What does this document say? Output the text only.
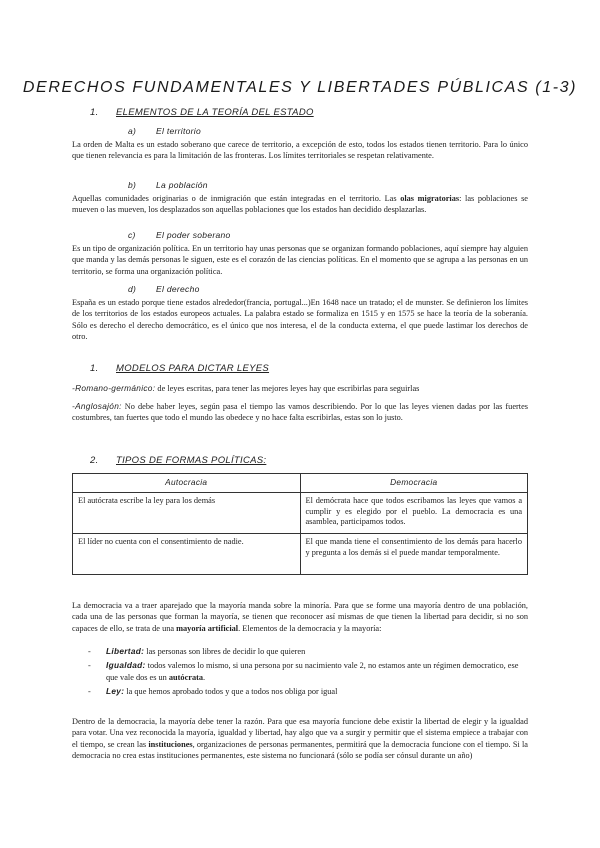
DERECHOS FUNDAMENTALES Y LIBERTADES PÚBLICAS (1-3)
1. ELEMENTOS DE LA TEORÍA DEL ESTADO
a) El territorio

La orden de Malta es un estado soberano que carece de territorio, a excepción de esto, todos los estados tienen territorio. Para lo único que tienen relevancia es para la limitación de las fronteras. Los límites territoriales se respetan relativamente.

b) La población

Aquellas comunidades originarias o de inmigración que están integradas en el territorio. Las olas migratorias: las poblaciones se mueven o las mueven, los desplazados son aquellas poblaciones que los estados han decidido desplazarlas.

c) El poder soberano

Es un tipo de organización política. En un territorio hay unas personas que se organizan formando poblaciones, aquí siempre hay alguien que manda y las demás personas le siguen, este es el corazón de las ciencias políticas. En el momento que se agrupa a las personas en un territorio, se forma una organización política.

d) El derecho

España es un estado porque tiene estados alrededor(francia, portugal...)En 1648 nace un tratado; el de munster. Se definieron los límites de los territorios de los estados europeos actuales. La palabra estado se formaliza en 1515 y en 1575 se hace la teoría de la soberanía. Sólo es derecho el derecho democrático, es el único que nos interesa, el de la conducta externa, el que puede lastimar los derechos de otro.

1. MODELOS PARA DICTAR LEYES

-Romano-germánico: de leyes escritas, para tener las mejores leyes hay que escribirlas para seguirlas

-Anglosajón: No debe haber leyes, según pasa el tiempo las vamos describiendo. Por lo que las leyes vienen dadas por las fuertes costumbres, tan fuertes que todo el mundo las obedece y no hace falta escribirlas, estas son lo justo.

2. TIPOS DE FORMAS POLÍTICAS:
Autocracia	Democracia
El autócrata escribe la ley para los demás	El demócrata hace que todos escribamos las leyes que vamos a cumplir y es elegido por el pueblo. La democracia es una asamblea, participamos todos.
El líder no cuenta con el consentimiento de nadie.	El que manda tiene el consentimiento de los demás para hacerlo y pregunta a los demás si el puede mandar temporalmente.

La democracia va a traer aparejado que la mayoría manda sobre la minoría. Para que se forme una mayoría dentro de una población, cada una de las personas que forman la mayoría, se tienen que reconocer así mismas de que tienen la libertad para decidir, si no son capaces de ello, se trata de una mayoría artificial. Elementos de la democracia y la mayoría:

- Libertad: las personas son libres de decidir lo que quieren
- Igualdad: todos valemos lo mismo, si una persona por su nacimiento vale 2, no estamos ante un régimen democratico, ese que vale dos es un autócrata.
- Ley: la que hemos aprobado todos y que a todos nos obliga por igual

Dentro de la democracia, la mayoría debe tener la razón. Para que esa mayoría funcione debe existir la libertad de elegir y la igualdad para votar. Una vez reconocida la mayoría, igualdad y libertad, hay algo que va a surgir y permitir que el sistema empiece a trabajar con el tiempo, se crean las instituciones, organizaciones de personas permanentes, permitirá que la democracia funcione con el tiempo. Si la democracia no crea estas instituciones permanentes, este sistema no funcionará (sólo se podía ser cónsul durante un año)
